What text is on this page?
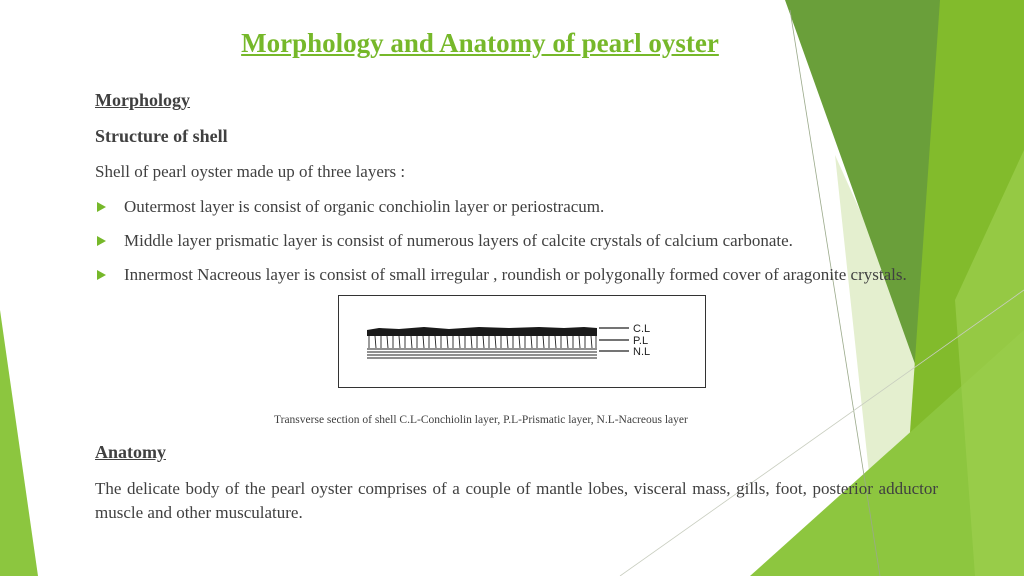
Morphology and Anatomy of pearl oyster
Morphology
Structure of shell
Shell of pearl oyster made up of three layers :
Outermost layer is consist of organic conchiolin layer or periostracum.
Middle layer prismatic layer is consist of numerous layers of calcite crystals of calcium carbonate.
Innermost Nacreous layer is consist of small irregular , roundish or polygonally formed cover of aragonite crystals.
C.L
P.L
N.L
Transverse section of shell C.L-Conchiolin layer, P.L-Prismatic layer, N.L-Nacreous layer
Anatomy
The delicate body of the pearl oyster comprises of a couple of mantle lobes, visceral mass, gills, foot, posterior adductor muscle and other musculature.
